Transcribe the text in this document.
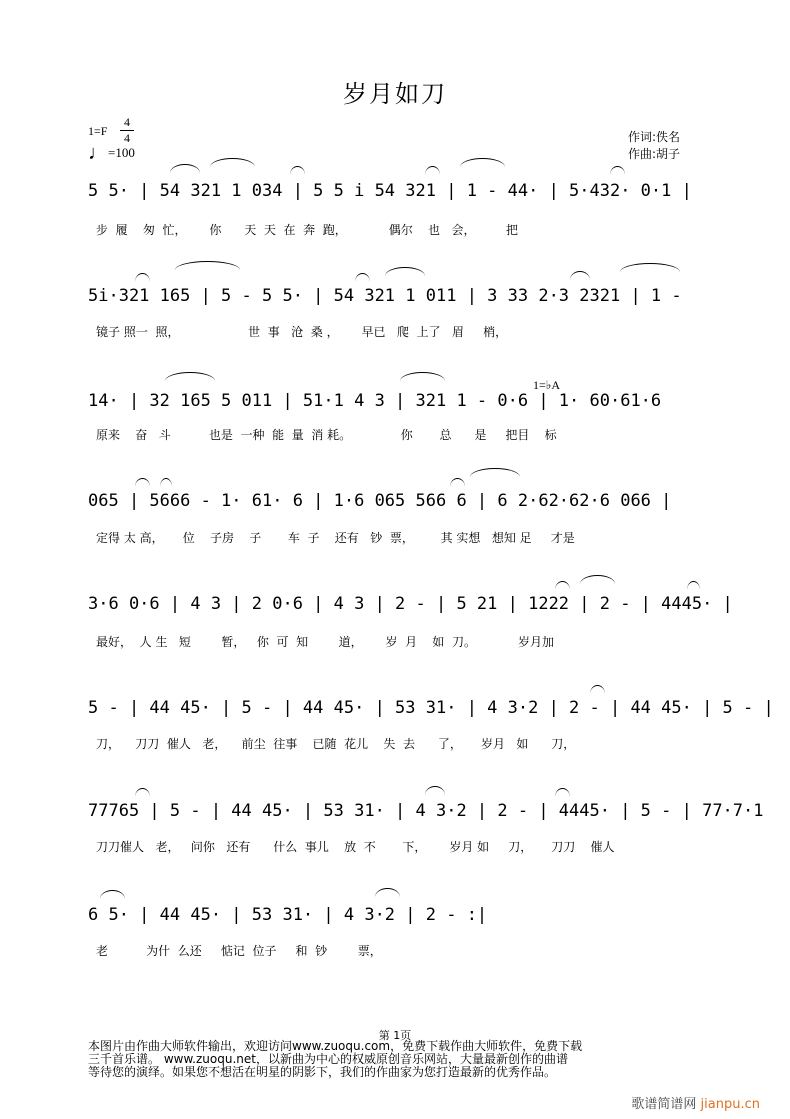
岁月如刀
1=F
4
4
♩=100
作词:佚名
作曲:胡子
5 5· | 54 321 1 034 | 5 5 i 54 321 | 1 - 44· | 5·432· 0·1 |
步  履    匆  忙，      你      天  天  在  奔  跑，           偶尔    也   会，        把
5i·321 165 | 5 - 5 5· | 54 321 1 011 | 3 33 2·3 2321 | 1 -
镜子 照一  照，                  世  事   沧  桑 ，      早已   爬  上了   眉     梢，
14· | 32 165 5 011 | 51·1 4 3 | 321 1 - 0·6 | 1· 60·61·6
原来    奋   斗          也是  一种  能  量  消 耗。             你       总      是     把目    标
065 | 5666 - 1· 61· 6 | 1·6 065 566 6 | 6 2·62·62·6 066 |
定得 太 高，     位    子房    子       车  子    还有   钞  票，       其 实想   想知 足     才是
3·6 0·6 | 4 3 | 2 0·6 | 4 3 | 2 - | 5 21 | 1222 | 2 - | 4445· |
最好，  人 生   短        暂，   你  可  知        道，      岁  月    如  刀。           岁月加
5 - | 44 45· | 5 - | 44 45· | 53 31· | 4 3·2 | 2 - | 44 45· | 5 - |
刀，    刀刀  催人   老，    前尘  往事    已随  花儿    失  去      了，     岁月   如      刀，
77765 | 5 - | 44 45· | 53 31· | 4 3·2 | 2 - | 4445· | 5 - | 77·7·1
刀刀催人   老，   问你   还有      什么  事儿    放  不       下，      岁月 如     刀，     刀刀    催人
6 5· | 44 45· | 53 31· | 4 3·2 | 2 - :|
老          为什  么还     惦记  位子     和  钞        票，
第 1页
本图片由作曲大师软件输出，欢迎访问www.zuoqu.com，免费下载作曲大师软件，免费下载
三千首乐谱。 www.zuoqu.net，以新曲为中心的权威原创音乐网站，大量最新创作的曲谱
等待您的演绎。如果您不想活在明星的阴影下，我们的作曲家为您打造最新的优秀作品。
歌谱简谱网 jianpu.cn
1=♭A
